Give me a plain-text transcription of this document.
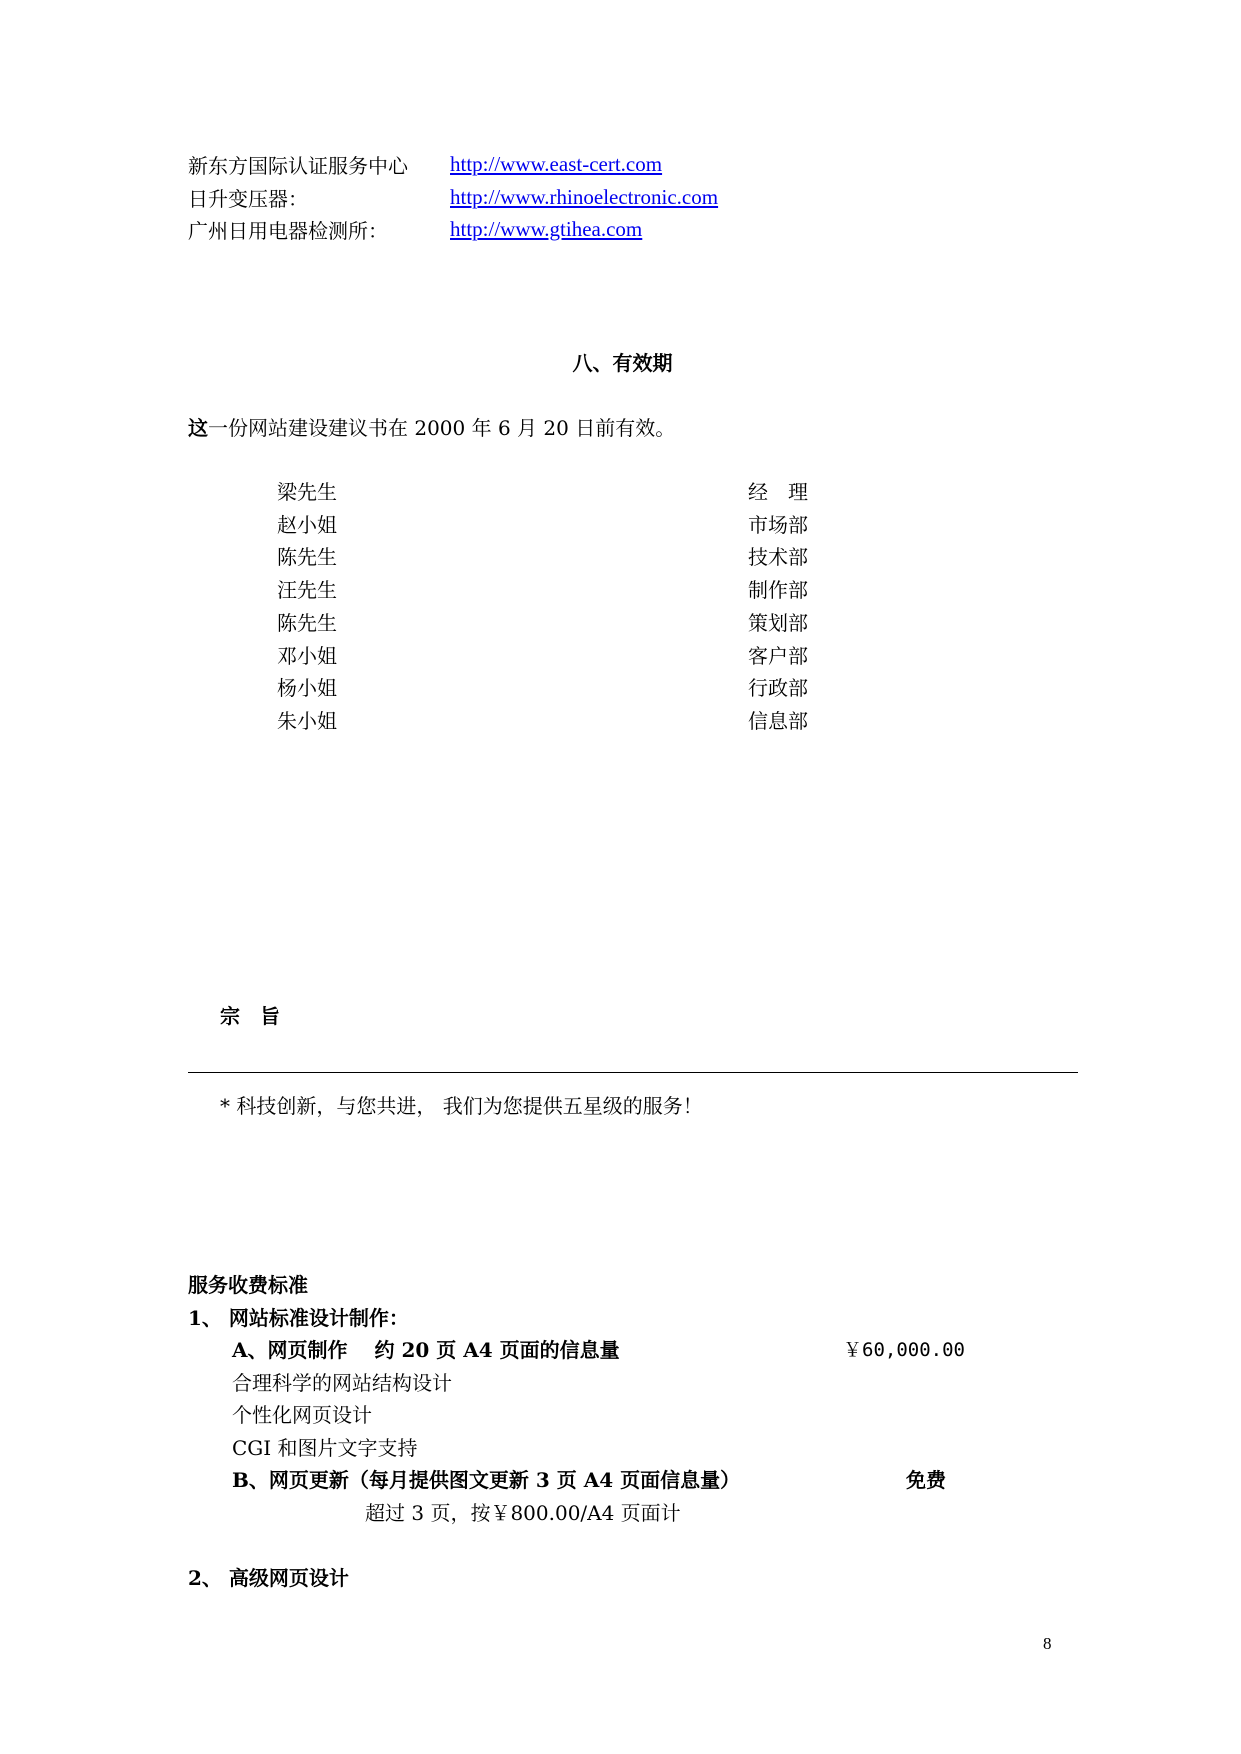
新东方国际认证服务中心 http://www.east-cert.com
日升变压器：	http://www.rhinoelectronic.com
广州日用电器检测所：	http://www.gtihea.com
八、有效期
这一份网站建设建议书在 2000 年 6 月 20 日前有效。
梁先生	经　理
赵小姐	市场部
陈先生	技术部
汪先生	制作部
陈先生	策划部
邓小姐	客户部
杨小姐	行政部
朱小姐	信息部
宗　旨
* 科技创新，与您共进， 我们为您提供五星级的服务！
服务收费标准
1、 网站标准设计制作：
A、网页制作　 约 20 页 A4 页面的信息量	￥60,000.00
合理科学的网站结构设计
个性化网页设计
CGI 和图片文字支持
B、网页更新（每月提供图文更新 3 页 A4 页面信息量）	免费
超过 3 页，按￥800.00/A4 页面计
2、 高级网页设计
8
